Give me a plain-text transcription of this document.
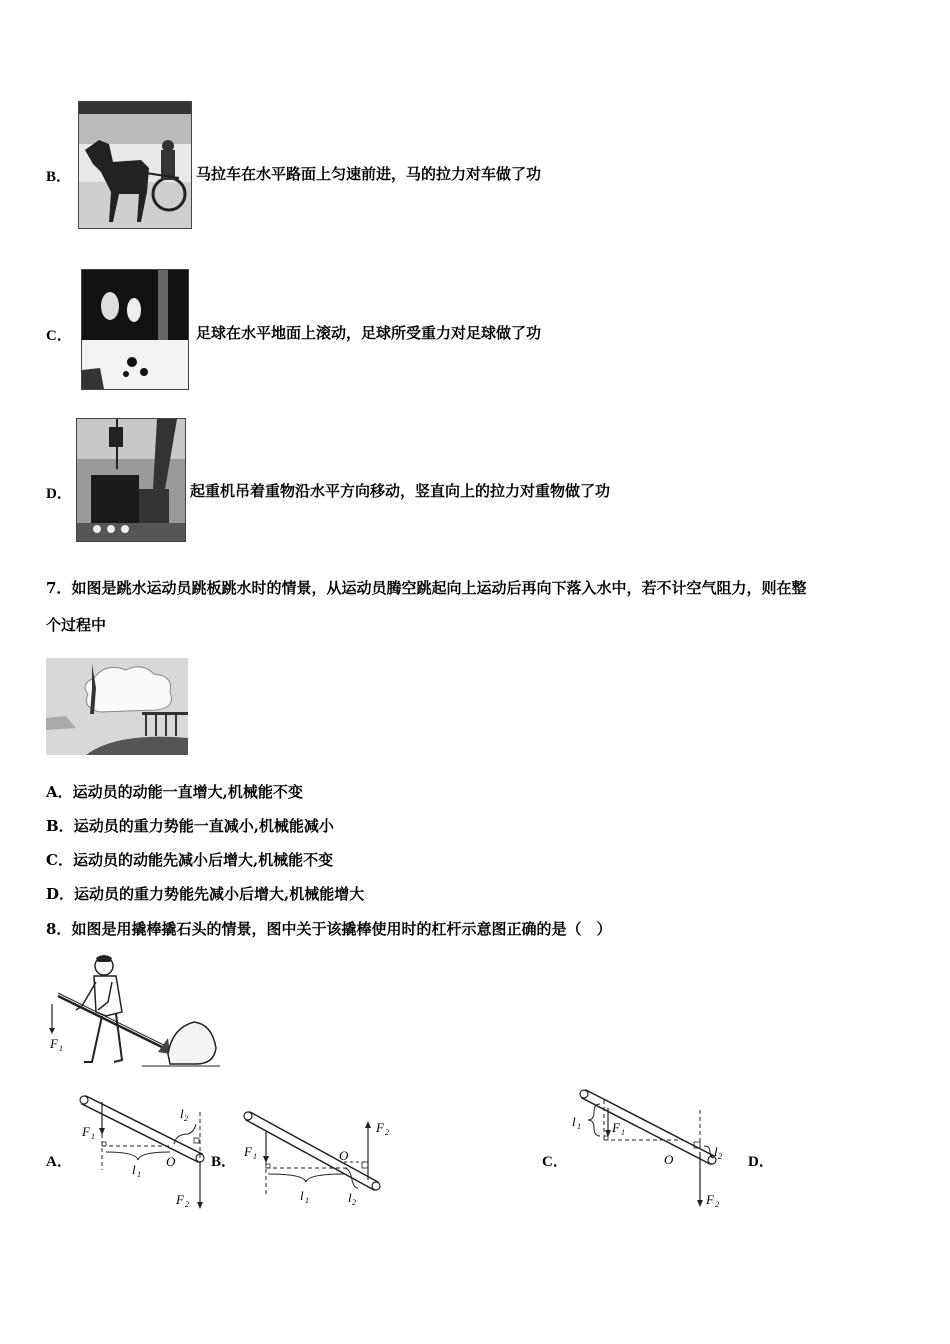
B．	马拉车在水平路面上匀速前进，马的拉力对车做了功
C．	足球在水平地面上滚动，足球所受重力对足球做了功
D．	起重机吊着重物沿水平方向移动，竖直向上的拉力对重物做了功
7．如图是跳水运动员跳板跳水时的情景，从运动员腾空跳起向上运动后再向下落入水中，若不计空气阻力，则在整
个过程中
A．运动员的动能一直增大,机械能不变
B．运动员的重力势能一直减小,机械能减小
C．运动员的动能先减小后增大,机械能不变
D．运动员的重力势能先减小后增大,机械能增大
8．如图是用撬棒撬石头的情景，图中关于该撬棒使用时的杠杆示意图正确的是（　）
F 1
A．	B．	C．	D．
F 1
l 2
O
l 1
F 2
F 1	O
F 2
l 1	l 2
l 1 F 1
O
l 2
F 2
